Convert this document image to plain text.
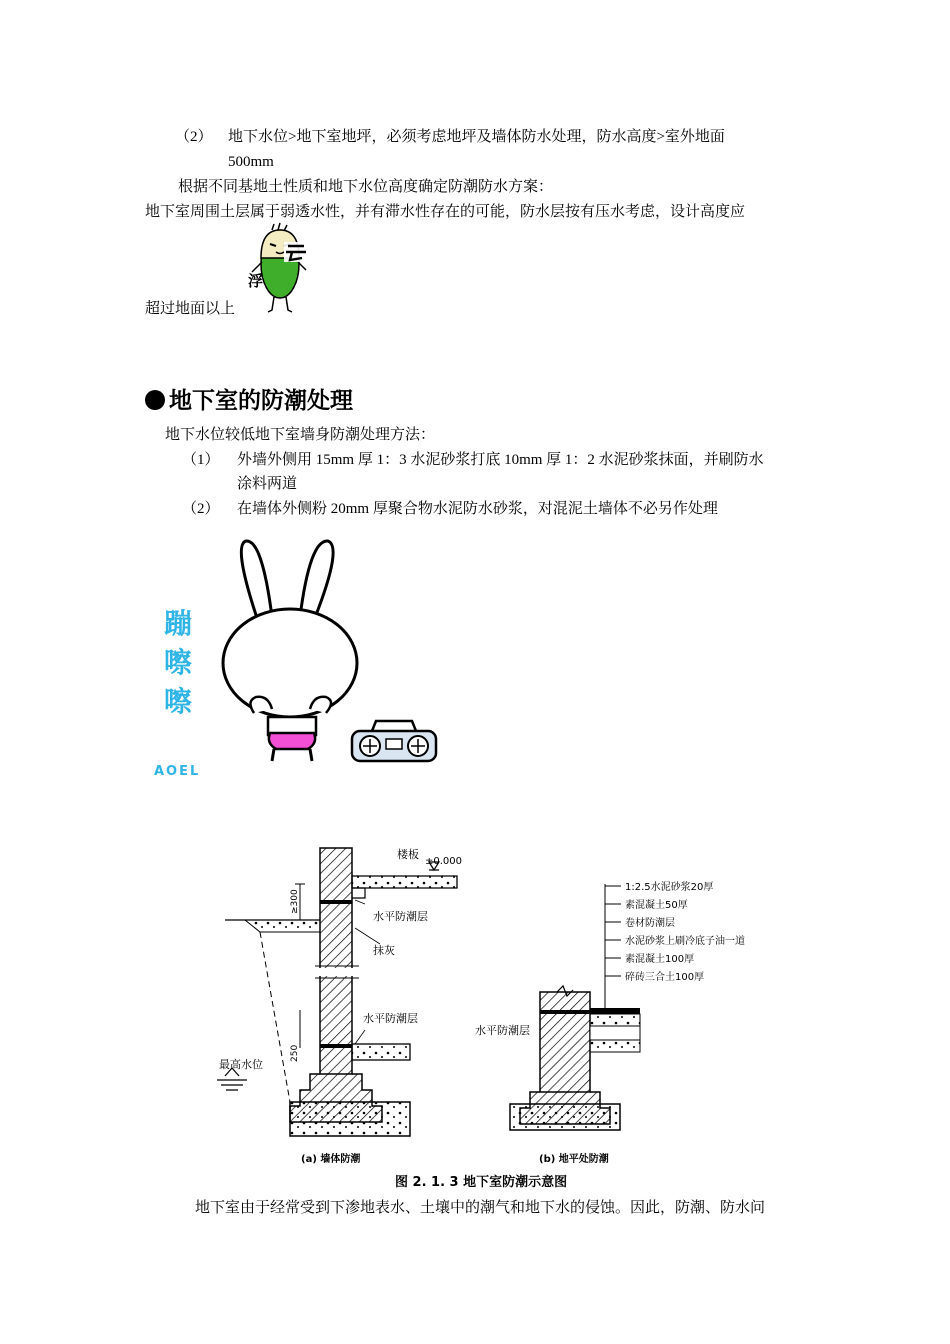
（2） 地下水位>地下室地坪，必须考虑地坪及墙体防水处理，防水高度>室外地面
500mm
根据不同基地土性质和地下水位高度确定防潮防水方案：
地下室周围土层属于弱透水性，并有滞水性存在的可能，防水层按有压水考虑，设计高度应
超过地面以上
浮
地下室的防潮处理
地下水位较低地下室墙身防潮处理方法：
（1） 外墙外侧用 15mm 厚 1：3 水泥砂浆打底 10mm 厚 1：2 水泥砂浆抹面，并刷防水
涂料两道
（2） 在墙体外侧粉 20mm 厚聚合物水泥防水砂浆，对混泥土墙体不必另作处理
蹦
嚓
嚓
AOEL
楼板
±0.000
≥300
水平防潮层
抹灰
水平防潮层
250
最高水位
(a) 墙体防潮
1:2.5水泥砂浆20厚
素混凝土50厚
卷材防潮层
水泥砂浆上刷冷底子油一道
素混凝土100厚
碎砖三合土100厚
水平防潮层
(b) 地平处防潮
图 2. 1. 3 地下室防潮示意图
地下室由于经常受到下渗地表水、土壤中的潮气和地下水的侵蚀。因此，防潮、防水问
